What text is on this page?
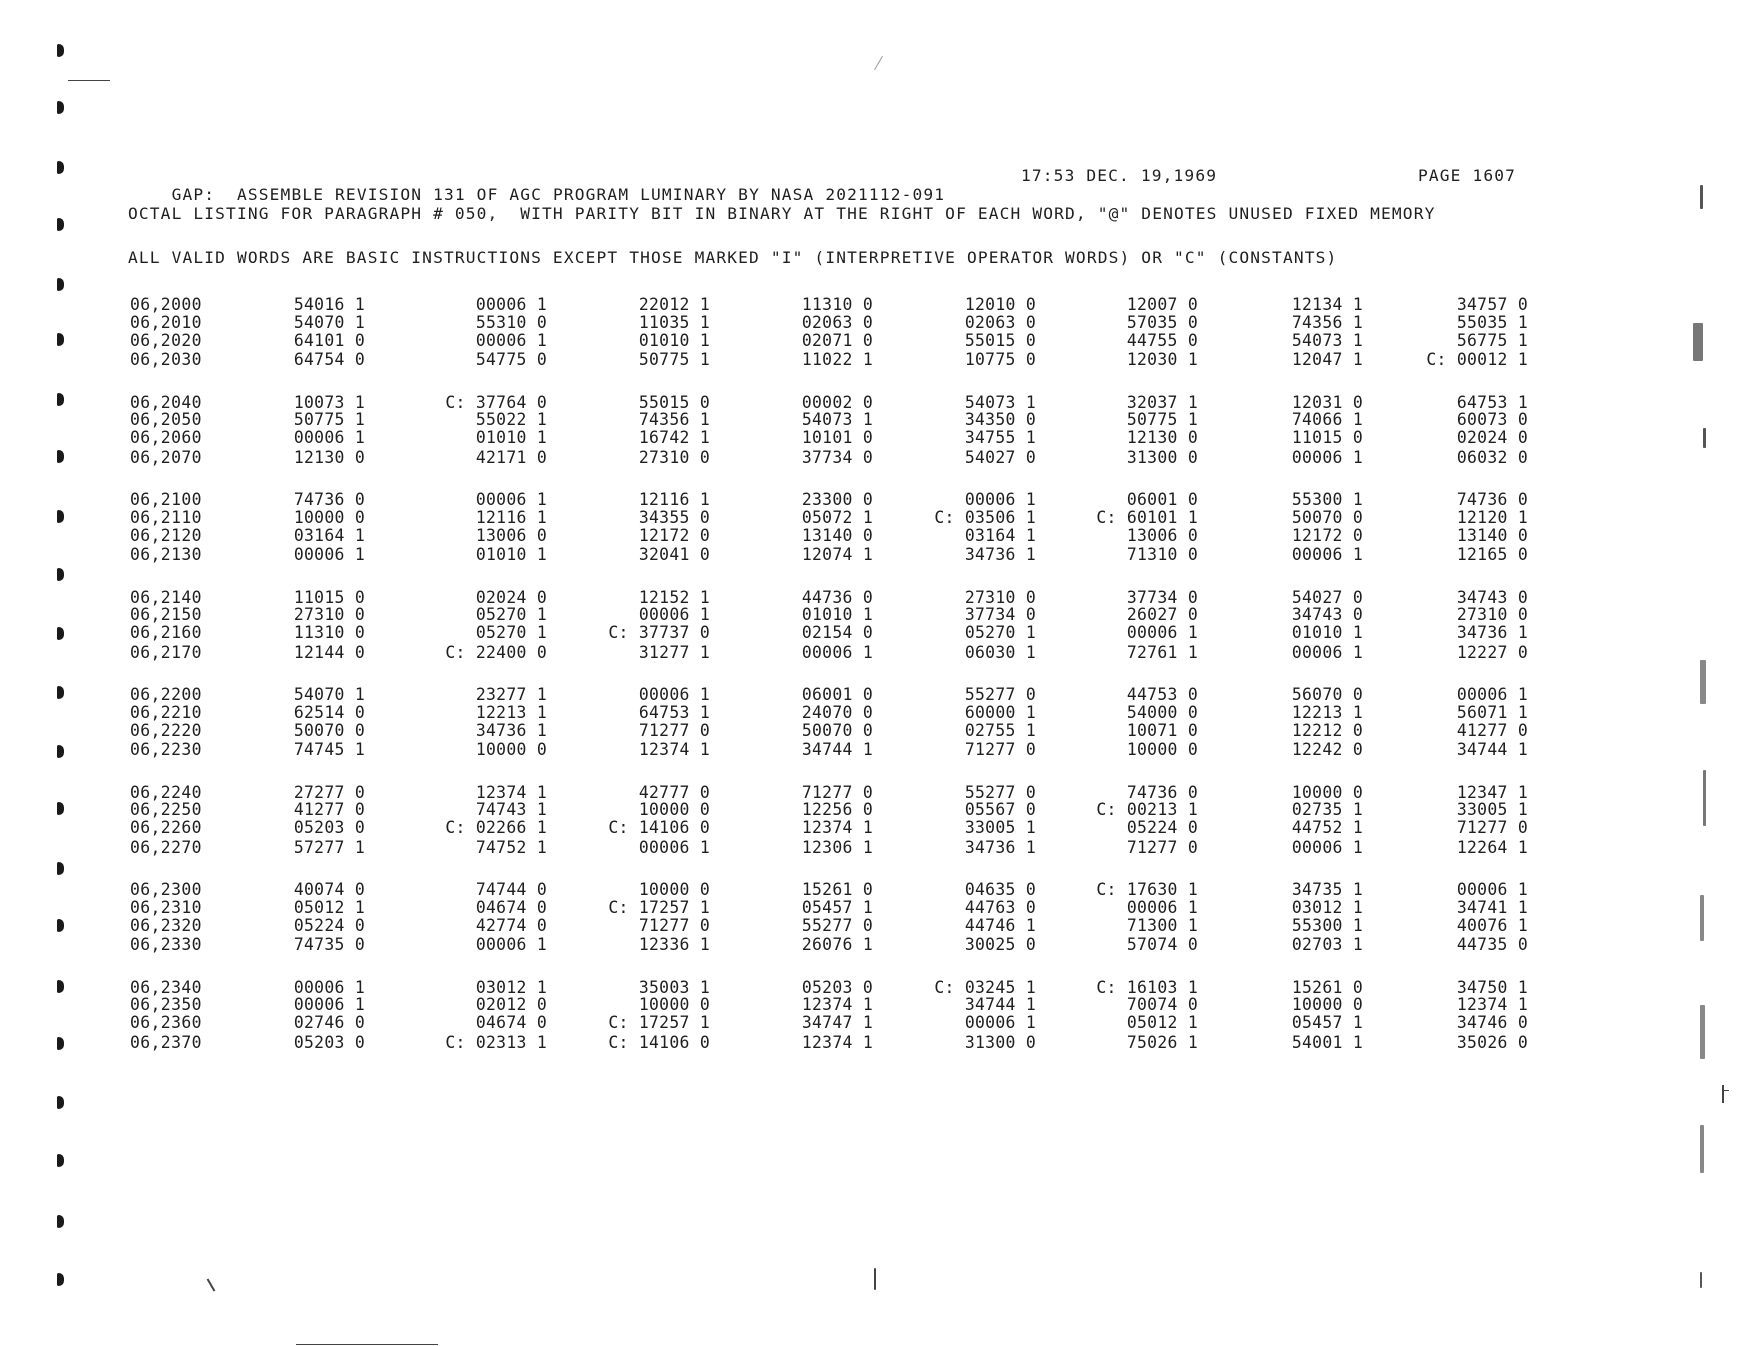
GAP:  ASSEMBLE REVISION 131 OF AGC PROGRAM LUMINARY BY NASA 2021112-091

17:53 DEC. 19,1969

	PAGE 1607

OCTAL LISTING FOR PARAGRAPH # 050,  WITH PARITY BIT IN BINARY AT THE RIGHT OF EACH WORD, "@" DENOTES UNUSED FIXED MEMORY
ALL VALID WORDS ARE BASIC INSTRUCTIONS EXCEPT THOSE MARKED "I" (INTERPRETIVE OPERATOR WORDS) OR "C" (CONSTANTS)
06,2000	54016 1	00006 1	22012 1	11310 0	12010 0	12007 0	12134 1	34757 0
06,2010	54070 1	55310 0	11035 1	02063 0	02063 0	57035 0	74356 1	55035 1
06,2020	64101 0	00006 1	01010 1	02071 0	55015 0	44755 0	54073 1	56775 1
06,2030	64754 0	54775 0	50775 1	11022 1	10775 0	12030 1	12047 1	C: 00012 1
06,2040	10073 1	C: 37764 0	55015 0	00002 0	54073 1	32037 1	12031 0	64753 1
06,2050	50775 1	55022 1	74356 1	54073 1	34350 0	50775 1	74066 1	60073 0
06,2060	00006 1	01010 1	16742 1	10101 0	34755 1	12130 0	11015 0	02024 0
06,2070	12130 0	42171 0	27310 0	37734 0	54027 0	31300 0	00006 1	06032 0
06,2100	74736 0	00006 1	12116 1	23300 0	00006 1	06001 0	55300 1	74736 0
06,2110	10000 0	12116 1	34355 0	05072 1	C: 03506 1	C: 60101 1	50070 0	12120 1
06,2120	03164 1	13006 0	12172 0	13140 0	03164 1	13006 0	12172 0	13140 0
06,2130	00006 1	01010 1	32041 0	12074 1	34736 1	71310 0	00006 1	12165 0
06,2140	11015 0	02024 0	12152 1	44736 0	27310 0	37734 0	54027 0	34743 0
06,2150	27310 0	05270 1	00006 1	01010 1	37734 0	26027 0	34743 0	27310 0
06,2160	11310 0	05270 1	C: 37737 0	02154 0	05270 1	00006 1	01010 1	34736 1
06,2170	12144 0	C: 22400 0	31277 1	00006 1	06030 1	72761 1	00006 1	12227 0
06,2200	54070 1	23277 1	00006 1	06001 0	55277 0	44753 0	56070 0	00006 1
06,2210	62514 0	12213 1	64753 1	24070 0	60000 1	54000 0	12213 1	56071 1
06,2220	50070 0	34736 1	71277 0	50070 0	02755 1	10071 0	12212 0	41277 0
06,2230	74745 1	10000 0	12374 1	34744 1	71277 0	10000 0	12242 0	34744 1
06,2240	27277 0	12374 1	42777 0	71277 0	55277 0	74736 0	10000 0	12347 1
06,2250	41277 0	74743 1	10000 0	12256 0	05567 0	C: 00213 1	02735 1	33005 1
06,2260	05203 0	C: 02266 1	C: 14106 0	12374 1	33005 1	05224 0	44752 1	71277 0
06,2270	57277 1	74752 1	00006 1	12306 1	34736 1	71277 0	00006 1	12264 1
06,2300	40074 0	74744 0	10000 0	15261 0	04635 0	C: 17630 1	34735 1	00006 1
06,2310	05012 1	04674 0	C: 17257 1	05457 1	44763 0	00006 1	03012 1	34741 1
06,2320	05224 0	42774 0	71277 0	55277 0	44746 1	71300 1	55300 1	40076 1
06,2330	74735 0	00006 1	12336 1	26076 1	30025 0	57074 0	02703 1	44735 0
06,2340	00006 1	03012 1	35003 1	05203 0	C: 03245 1	C: 16103 1	15261 0	34750 1
06,2350	00006 1	02012 0	10000 0	12374 1	34744 1	70074 0	10000 0	12374 1
06,2360	02746 0	04674 0	C: 17257 1	34747 1	00006 1	05012 1	05457 1	34746 0
06,2370	05203 0	C: 02313 1	C: 14106 0	12374 1	31300 0	75026 1	54001 1	35026 0
